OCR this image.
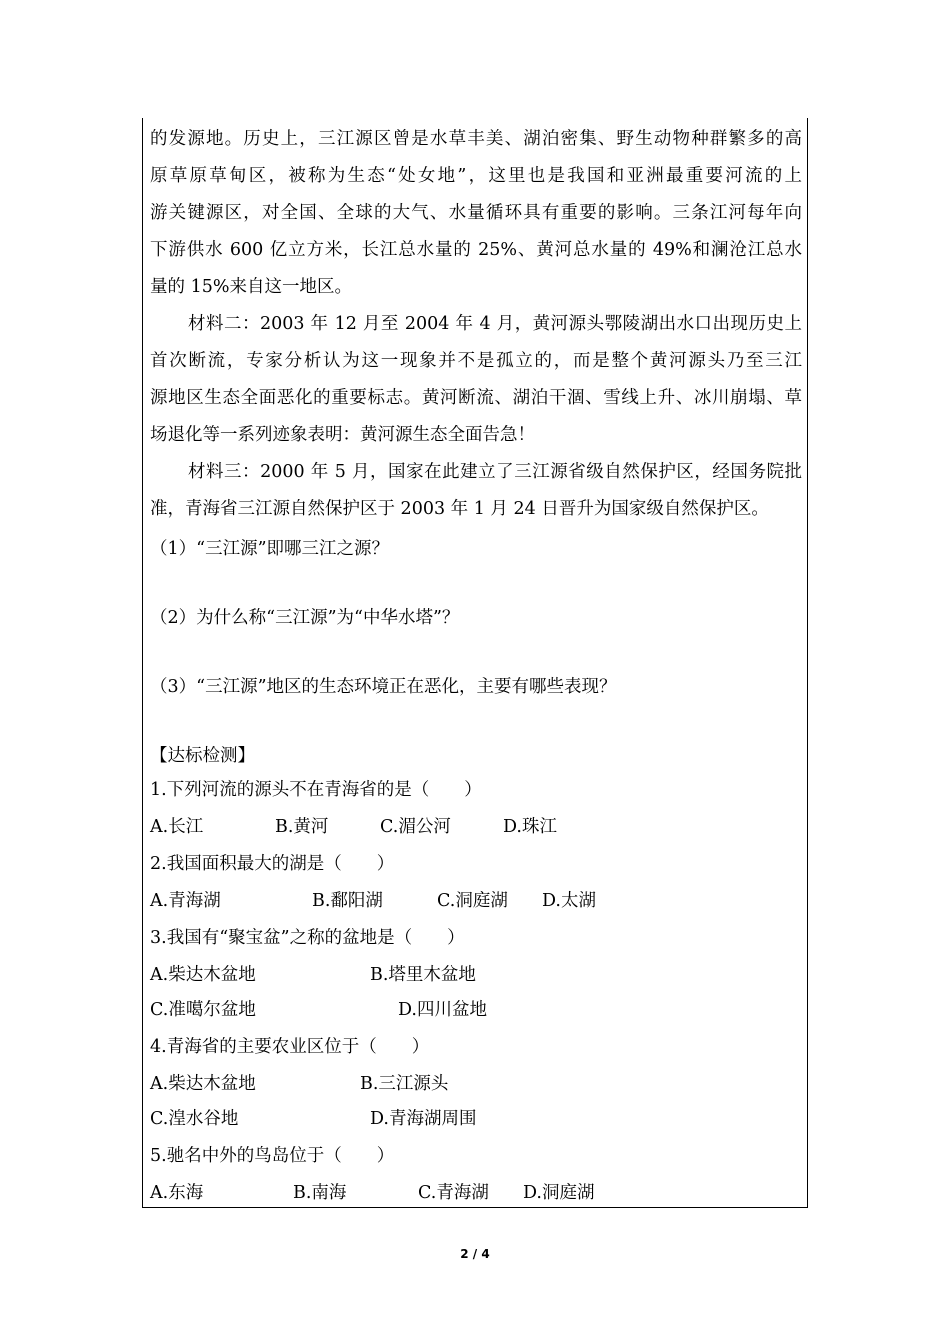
的发源地。历史上，三江源区曾是水草丰美、湖泊密集、野生动物种群繁多的高
原草原草甸区，被称为生态“处女地”，这里也是我国和亚洲最重要河流的上
游关键源区，对全国、全球的大气、水量循环具有重要的影响。三条江河每年向
下游供水 600 亿立方米，长江总水量的 25%、黄河总水量的 49%和澜沧江总水
量的 15%来自这一地区。
材料二：2003 年 12 月至 2004 年 4 月，黄河源头鄂陵湖出水口出现历史上
首次断流，专家分析认为这一现象并不是孤立的，而是整个黄河源头乃至三江
源地区生态全面恶化的重要标志。黄河断流、湖泊干涸、雪线上升、冰川崩塌、草
场退化等一系列迹象表明：黄河源生态全面告急！
材料三：2000 年 5 月，国家在此建立了三江源省级自然保护区，经国务院批
准，青海省三江源自然保护区于 2003 年 1 月 24 日晋升为国家级自然保护区。
（1）“三江源”即哪三江之源？
（2）为什么称“三江源”为“中华水塔”？
（3）“三江源”地区的生态环境正在恶化，主要有哪些表现？
【达标检测】
1.下列河流的源头不在青海省的是（　　）
A.长江	B.黄河	C.湄公河	D.珠江
2.我国面积最大的湖是（　　）
A.青海湖	B.鄱阳湖	C.洞庭湖 D.太湖
3.我国有“聚宝盆”之称的盆地是（　　）
A.柴达木盆地	B.塔里木盆地
C.准噶尔盆地	D.四川盆地
4.青海省的主要农业区位于（　　）
A.柴达木盆地	B.三江源头
C.湟水谷地	D.青海湖周围
5.驰名中外的鸟岛位于（　　）
A.东海	B.南海	C.青海湖 D.洞庭湖
2 / 4
